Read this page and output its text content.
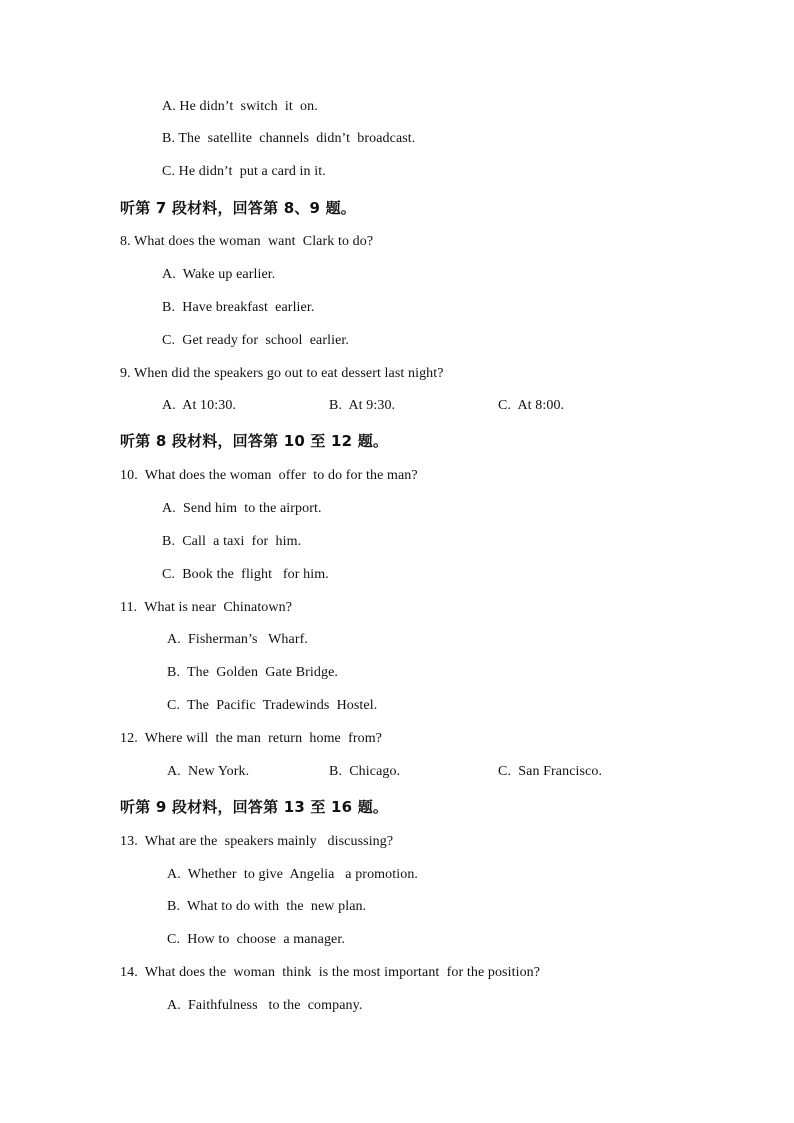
A. He didn’t  switch  it  on.
B. The  satellite  channels  didn’t  broadcast.
C. He didn’t  put a card in it.
听第 7 段材料，回答第 8、9 题。
8. What does the woman  want  Clark to do?
A.  Wake up earlier.
B.  Have breakfast  earlier.
C.  Get ready for  school  earlier.
9. When did the speakers go out to eat dessert last night?
A.  At 10:30.	B.  At 9:30.	C.  At 8:00.
听第 8 段材料，回答第 10 至 12 题。
10.  What does the woman  offer  to do for the man?
A.  Send him  to the airport.
B.  Call  a taxi  for  him.
C.  Book the  flight   for him.
11.  What is near  Chinatown?
A.  Fisherman’s   Wharf.
B.  The  Golden  Gate Bridge.
C.  The  Pacific  Tradewinds  Hostel.
12.  Where will  the man  return  home  from?
A.  New York.	B.  Chicago.	C.  San Francisco.
听第 9 段材料，回答第 13 至 16 题。
13.  What are the  speakers mainly   discussing?
A.  Whether  to give  Angelia   a promotion.
B.  What to do with  the  new plan.
C.  How to  choose  a manager.
14.  What does the  woman  think  is the most important  for the position?
A.  Faithfulness   to the  company.
